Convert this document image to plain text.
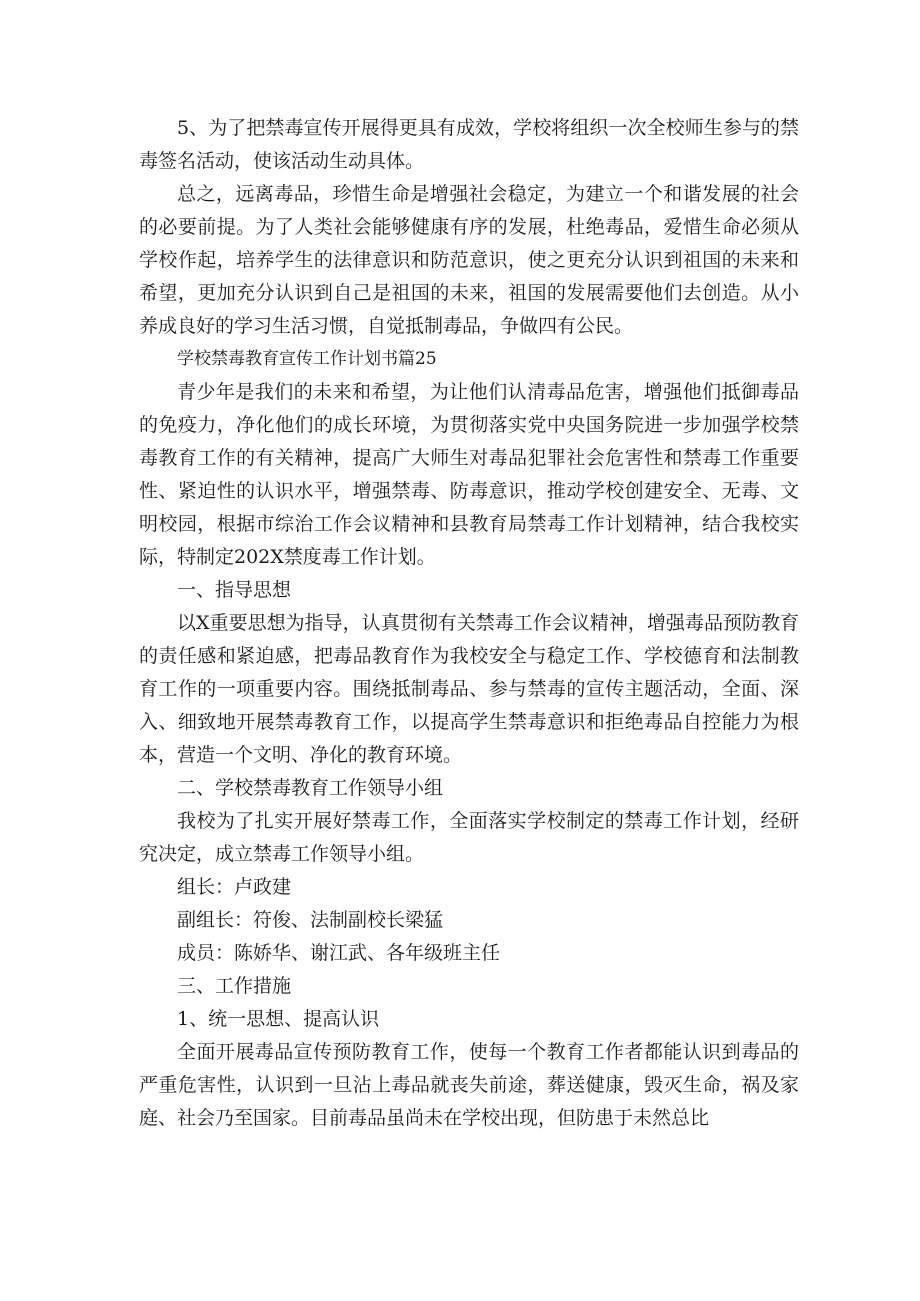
5、为了把禁毒宣传开展得更具有成效，学校将组织一次全校师生参与的禁毒签名活动，使该活动生动具体。

总之，远离毒品，珍惜生命是增强社会稳定，为建立一个和谐发展的社会的必要前提。为了人类社会能够健康有序的发展，杜绝毒品，爱惜生命必须从学校作起，培养学生的法律意识和防范意识，使之更充分认识到祖国的未来和希望，更加充分认识到自己是祖国的未来，祖国的发展需要他们去创造。从小养成良好的学习生活习惯，自觉抵制毒品，争做四有公民。

学校禁毒教育宣传工作计划书篇25

青少年是我们的未来和希望，为让他们认清毒品危害，增强他们抵御毒品的免疫力，净化他们的成长环境，为贯彻落实党中央国务院进一步加强学校禁毒教育工作的有关精神，提高广大师生对毒品犯罪社会危害性和禁毒工作重要性、紧迫性的认识水平，增强禁毒、防毒意识，推动学校创建安全、无毒、文明校园，根据市综治工作会议精神和县教育局禁毒工作计划精神，结合我校实际，特制定202X禁度毒工作计划。

一、指导思想

以X重要思想为指导，认真贯彻有关禁毒工作会议精神，增强毒品预防教育的责任感和紧迫感，把毒品教育作为我校安全与稳定工作、学校德育和法制教育工作的一项重要内容。围绕抵制毒品、参与禁毒的宣传主题活动，全面、深入、细致地开展禁毒教育工作，以提高学生禁毒意识和拒绝毒品自控能力为根本，营造一个文明、净化的教育环境。

二、学校禁毒教育工作领导小组

我校为了扎实开展好禁毒工作，全面落实学校制定的禁毒工作计划，经研究决定，成立禁毒工作领导小组。

组长：卢政建

副组长：符俊、法制副校长梁猛

成员：陈娇华、谢江武、各年级班主任

三、工作措施

1、统一思想、提高认识

全面开展毒品宣传预防教育工作，使每一个教育工作者都能认识到毒品的严重危害性，认识到一旦沾上毒品就丧失前途，葬送健康，毁灭生命，祸及家庭、社会乃至国家。目前毒品虽尚未在学校出现，但防患于未然总比
